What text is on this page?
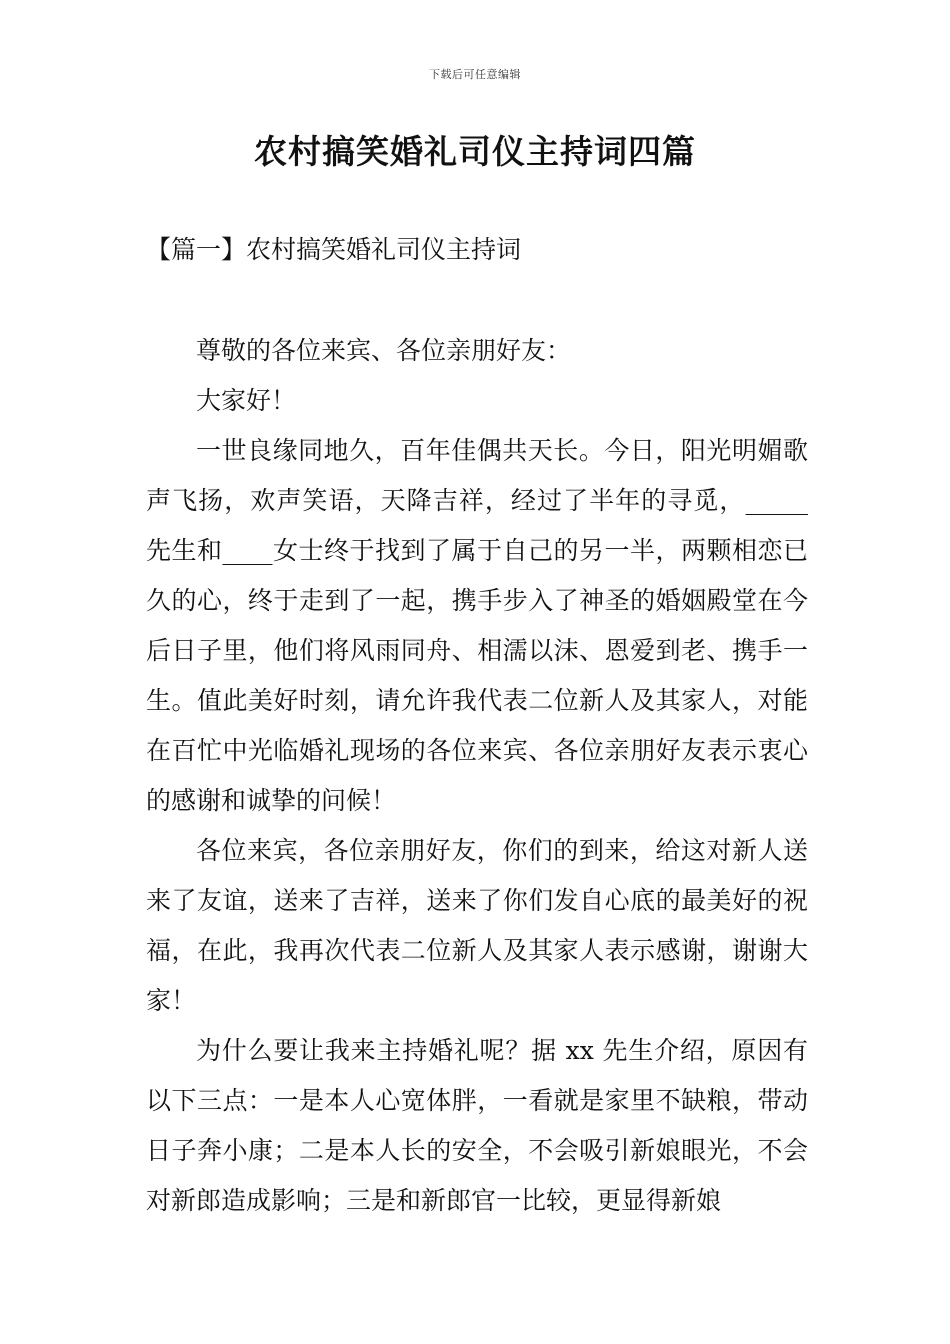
下载后可任意编辑
农村搞笑婚礼司仪主持词四篇
【篇一】农村搞笑婚礼司仪主持词

尊敬的各位来宾、各位亲朋好友：

大家好！

一世良缘同地久，百年佳偶共天长。今日，阳光明媚歌声飞扬，欢声笑语，天降吉祥，经过了半年的寻觅，_____先生和____女士终于找到了属于自己的另一半，两颗相恋已久的心，终于走到了一起，携手步入了神圣的婚姻殿堂在今后日子里，他们将风雨同舟、相濡以沫、恩爱到老、携手一生。值此美好时刻，请允许我代表二位新人及其家人，对能在百忙中光临婚礼现场的各位来宾、各位亲朋好友表示衷心的感谢和诚挚的问候！

各位来宾，各位亲朋好友，你们的到来，给这对新人送来了友谊，送来了吉祥，送来了你们发自心底的最美好的祝福，在此，我再次代表二位新人及其家人表示感谢，谢谢大家！

为什么要让我来主持婚礼呢？据 xx 先生介绍，原因有以下三点：一是本人心宽体胖，一看就是家里不缺粮，带动日子奔小康；二是本人长的安全，不会吸引新娘眼光，不会对新郎造成影响；三是和新郎官一比较，更显得新娘
